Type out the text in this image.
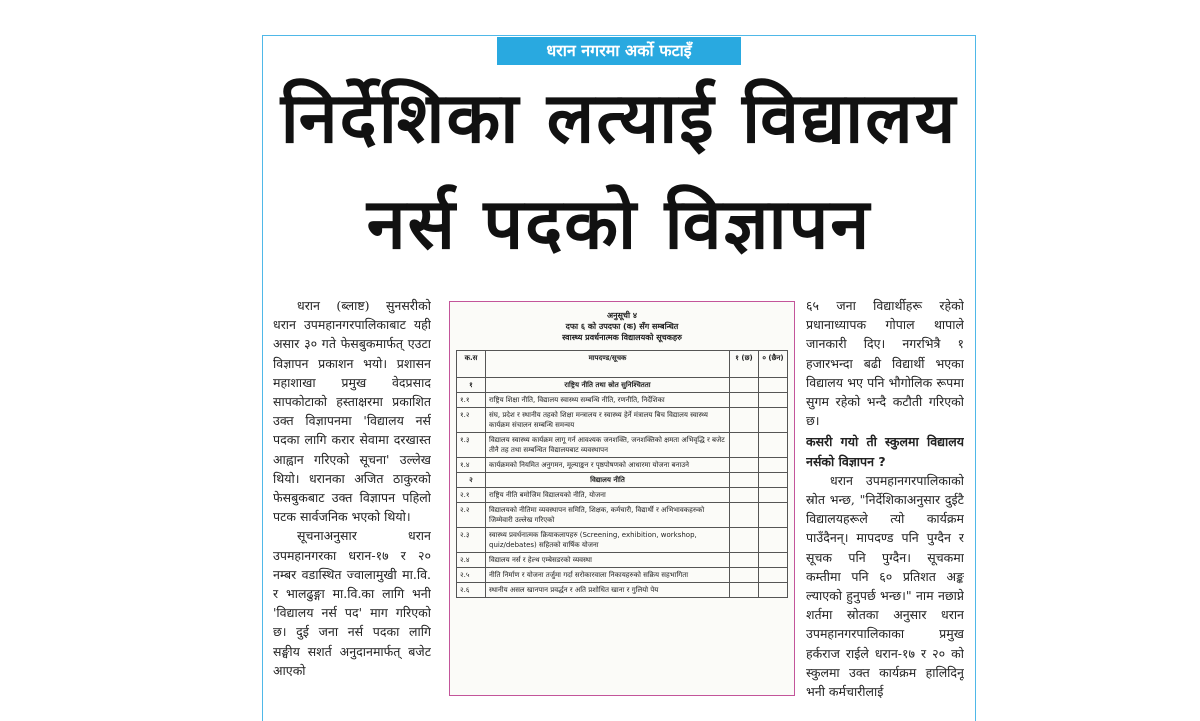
धरान नगरमा अर्को फटाइँ
निर्देशिका लत्याई विद्यालय
नर्स पदको विज्ञापन

धरान (ब्लाष्ट) सुनसरीको धरान उपमहानगरपालिकाबाट यही असार ३० गते फेसबुकमार्फत् एउटा विज्ञापन प्रकाशन भयो। प्रशासन महाशाखा प्रमुख वेदप्रसाद सापकोटाको हस्ताक्षरमा प्रकाशित उक्त विज्ञापनमा 'विद्यालय नर्स पदका लागि करार सेवामा दरखास्त आह्वान गरिएको सूचना' उल्लेख थियो। धरानका अजित ठाकुरको फेसबुकबाट उक्त विज्ञापन पहिलो पटक सार्वजनिक भएको थियो।

सूचनाअनुसार धरान उपमहानगरका धरान-१७ र २० नम्बर वडास्थित ज्वालामुखी मा.वि. र भालढुङ्गा मा.वि.का लागि भनी 'विद्यालय नर्स पद' माग गरिएको छ। दुई जना नर्स पदका लागि सङ्घीय सशर्त अनुदानमार्फत् बजेट आएको

अनुसूची ४
दफा ६ को उपदफा (क) सँग सम्बन्धित
स्वास्थ्य प्रवर्धनात्मक विद्यालयको सूचकहरु
क.स	मापदण्ड/सूचक	१ (छ)	० (छैन)
१	राष्ट्रिय नीति तथा स्रोत सुनिश्चितता		
१.१	राष्ट्रिय शिक्षा नीति, विद्यालय स्वास्थ्य सम्बन्धि नीति, रणनीति, निर्देशिका		
१.२	संघ, प्रदेश र स्थानीय तहको शिक्षा मन्त्रालय र स्वास्थ्य हेर्ने मंत्रालय बिच विद्यालय स्वास्थ्य कार्यक्रम संचालन सम्बन्धि समन्वय		
१.३	विद्यालय स्वास्थ्य कार्यक्रम लागू गर्न आवश्यक जनशक्ति, जनशक्तिको क्षमता अभिवृद्धि र बजेट तीनै तह तथा सम्बन्धित विद्यालयबाट व्यवस्थापन		
१.४	कार्यक्रमको नियमित अनुगमन, मूल्याङ्कन र पृष्ठपोषणको आधारमा योजना बनाउने		
२	विद्यालय नीति		
२.१	राष्ट्रिय नीति बमोजिम विद्यालयको नीति, योजना		
२.२	विद्यालयको नीतिमा व्यवस्थापन समिति, शिक्षक, कर्मचारी, विद्यार्थी र अभिभावकहरुको जिम्मेवारी उल्लेख गरिएको		
२.३	स्वास्थ्य प्रवर्धनात्मक क्रियाकलापहरु (Screening, exhibition, workshop, quiz/debates) सहितको वार्षिक योजना		
२.४	विद्यालय नर्स र हेल्थ एम्बेसडरको व्यवस्था		
२.५	नीति निर्माण र योजना तर्जुमा गर्दा सरोकारवाला निकायहरुको सक्रिय सहभागिता		
२.६	स्थानीय असल खानपान प्रवर्द्धन र अति प्रशोधित खाना र गुलियो पेय		

६५ जना विद्यार्थीहरू रहेको प्रधानाध्यापक गोपाल थापाले जानकारी दिए। नगरभित्रै १ हजारभन्दा बढी विद्यार्थी भएका विद्यालय भए पनि भौगोलिक रूपमा सुगम रहेको भन्दै कटौती गरिएको छ।

कसरी गयो ती स्कुलमा विद्यालय नर्सको विज्ञापन ?

धरान उपमहानगरपालिकाको स्रोत भन्छ, "निर्देशिकाअनुसार दुईटै विद्यालयहरूले त्यो कार्यक्रम पाउँदैनन्। मापदण्ड पनि पुग्दैन र सूचक पनि पुग्दैन। सूचकमा कम्तीमा पनि ६० प्रतिशत अङ्क ल्याएको हुनुपर्छ भन्छ।" नाम नछाप्ने शर्तमा स्रोतका अनुसार धरान उपमहानगरपालिकाका प्रमुख हर्कराज राईले धरान-१७ र २० को स्कुलमा उक्त कार्यक्रम हालिदिनू भनी कर्मचारीलाई
